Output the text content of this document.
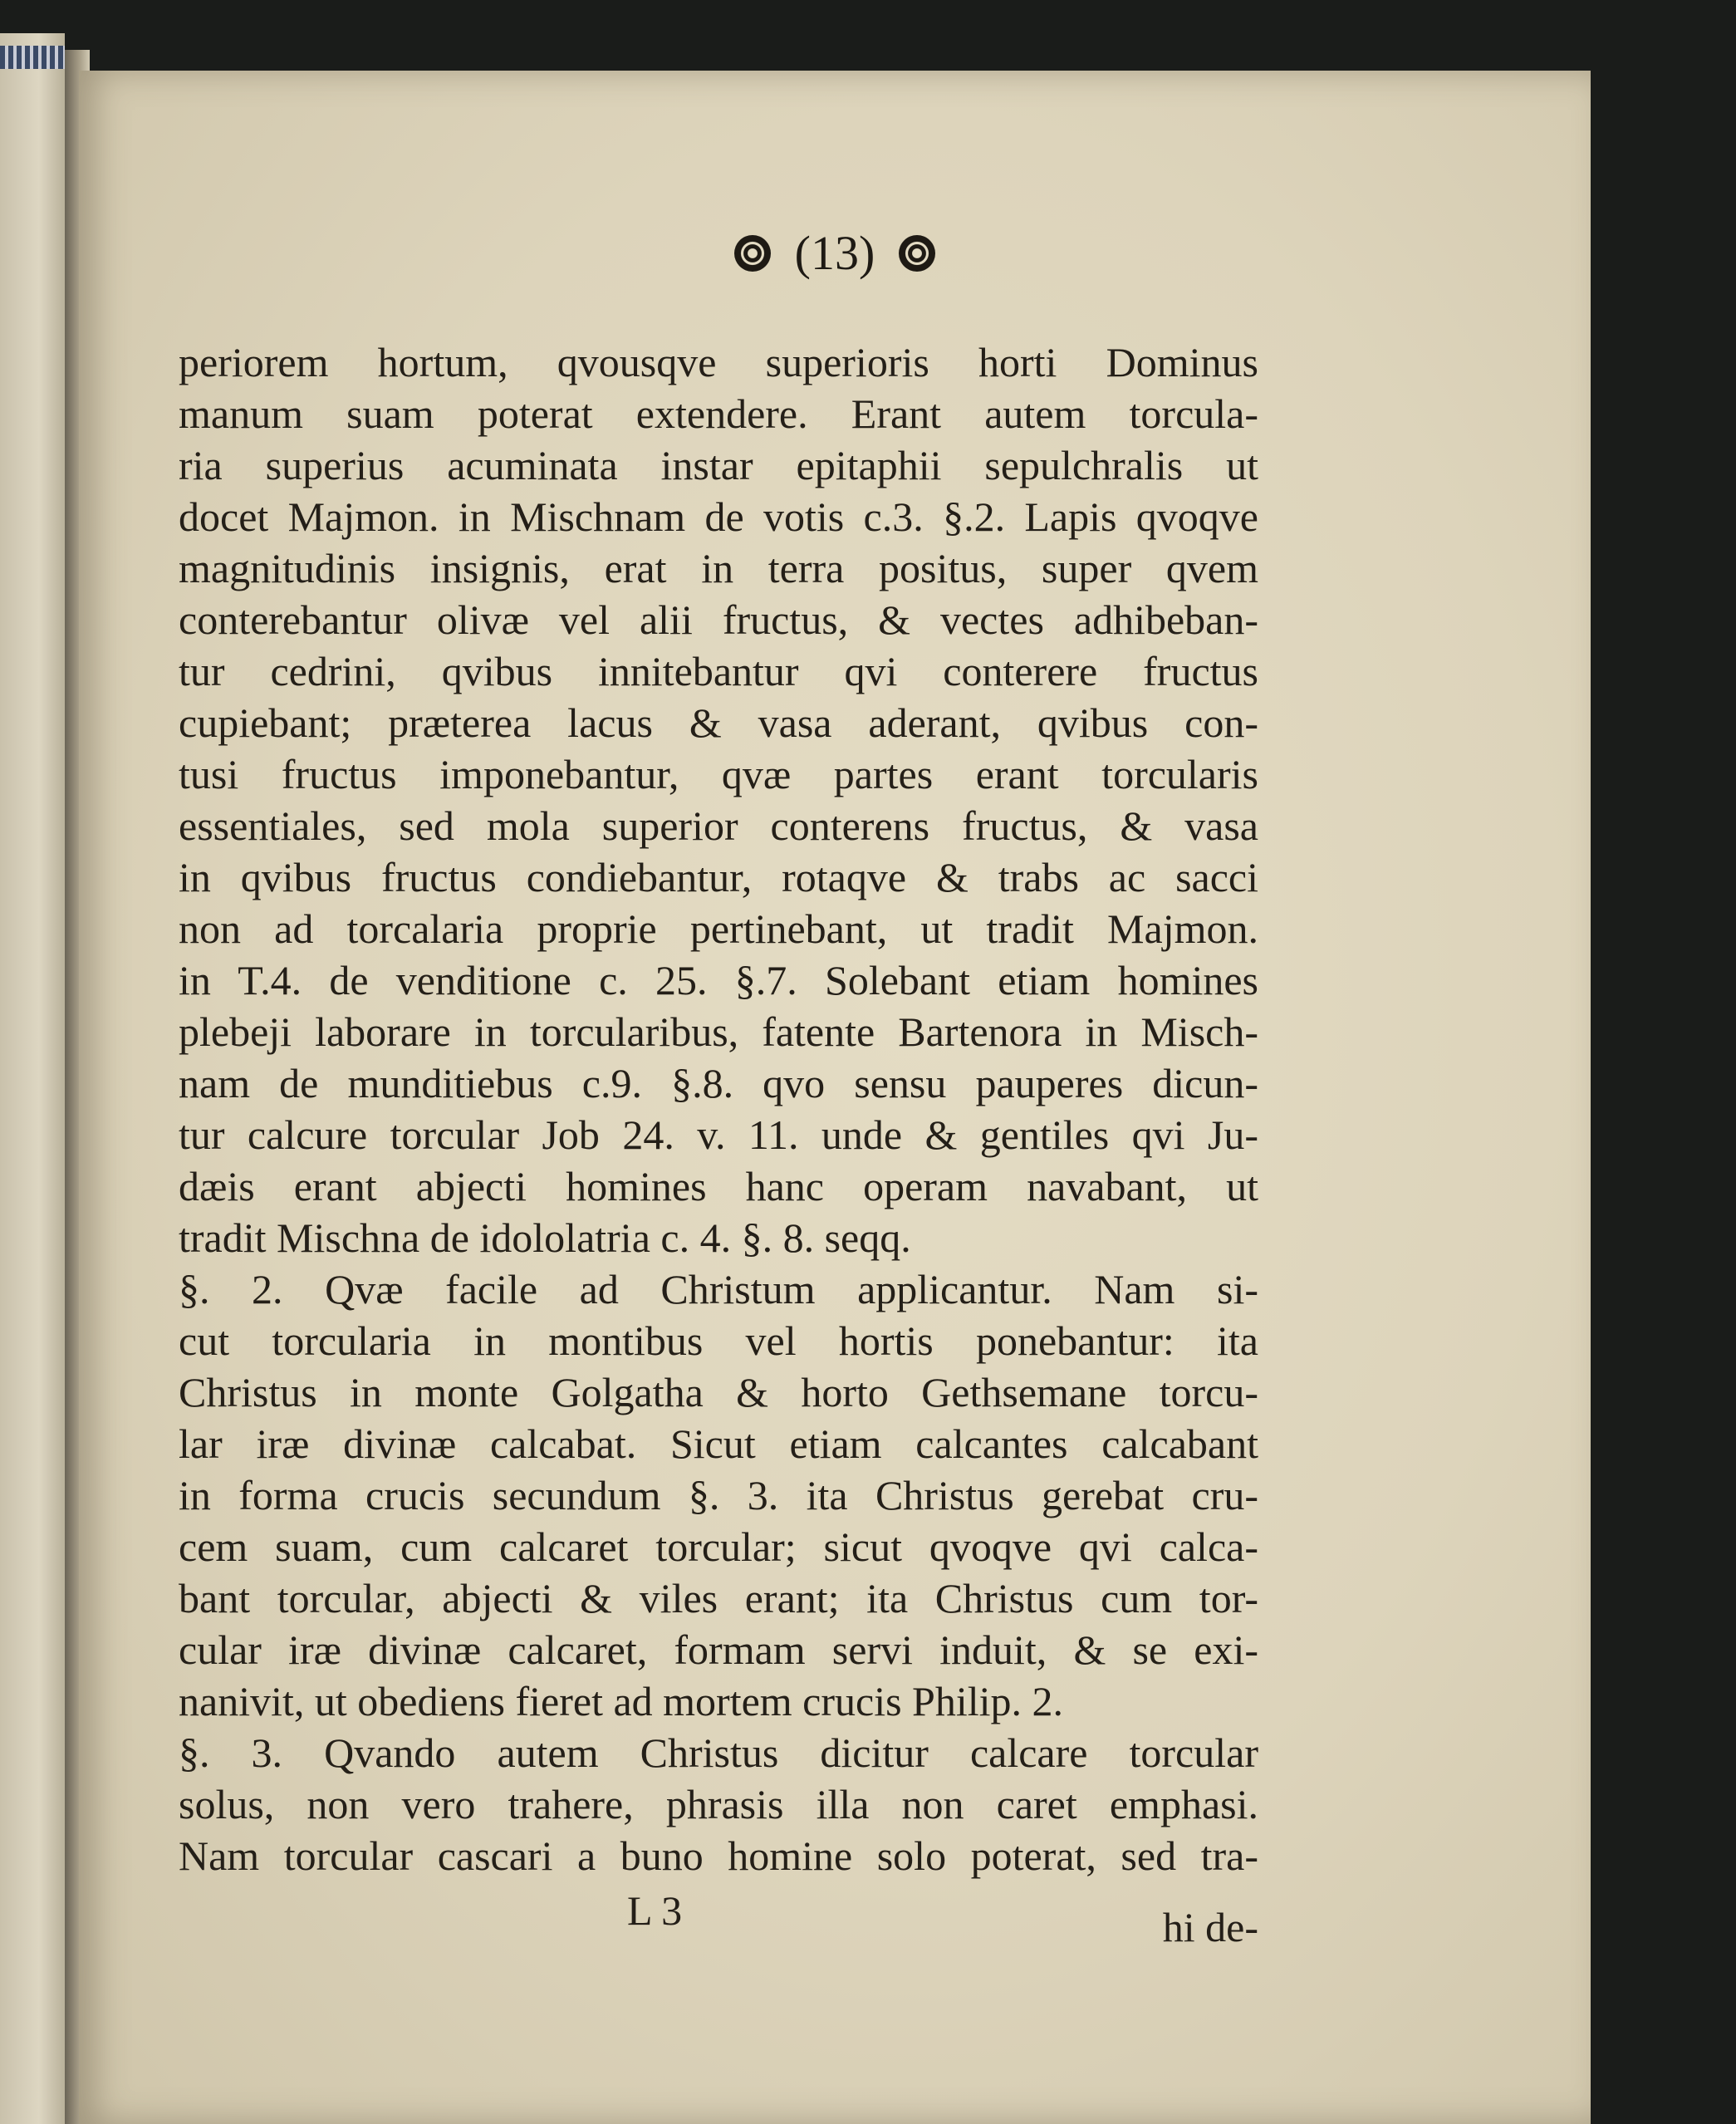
(13)
periorem hortum, qvousqve superioris horti Dominus
manum suam poterat extendere. Erant autem torcula-
ria superius acuminata instar epitaphii sepulchralis ut
docet Majmon. in Mischnam de votis c.3. §.2. Lapis qvoqve
magnitudinis insignis, erat in terra positus, super qvem
conterebantur olivæ vel alii fructus, & vectes adhibeban-
tur cedrini, qvibus innitebantur qvi conterere fructus
cupiebant; præterea lacus & vasa aderant, qvibus con-
tusi fructus imponebantur, qvæ partes erant torcularis
essentiales, sed mola superior conterens fructus, & vasa
in qvibus fructus condiebantur, rotaqve & trabs ac sacci
non ad torcalaria proprie pertinebant, ut tradit Majmon.
in T.4. de venditione c. 25. §.7. Solebant etiam homines
plebeji laborare in torcularibus, fatente Bartenora in Misch-
nam de munditiebus c.9. §.8. qvo sensu pauperes dicun-
tur calcure torcular Job 24. v. 11. unde & gentiles qvi Ju-
dæis erant abjecti homines hanc operam navabant, ut
tradit Mischna de idololatria c. 4. §. 8. seqq.
§. 2. Qvæ facile ad Christum applicantur. Nam si-
cut torcularia in montibus vel hortis ponebantur: ita
Christus in monte Golgatha & horto Gethsemane torcu-
lar iræ divinæ calcabat. Sicut etiam calcantes calcabant
in forma crucis secundum §. 3. ita Christus gerebat cru-
cem suam, cum calcaret torcular; sicut qvoqve qvi calca-
bant torcular, abjecti & viles erant; ita Christus cum tor-
cular iræ divinæ calcaret, formam servi induit, & se exi-
nanivit, ut obediens fieret ad mortem crucis Philip. 2.
§. 3. Qvando autem Christus dicitur calcare torcular
solus, non vero trahere, phrasis illa non caret emphasi.
Nam torcular cascari a buno homine solo poterat, sed tra-
L 3	hi de-
